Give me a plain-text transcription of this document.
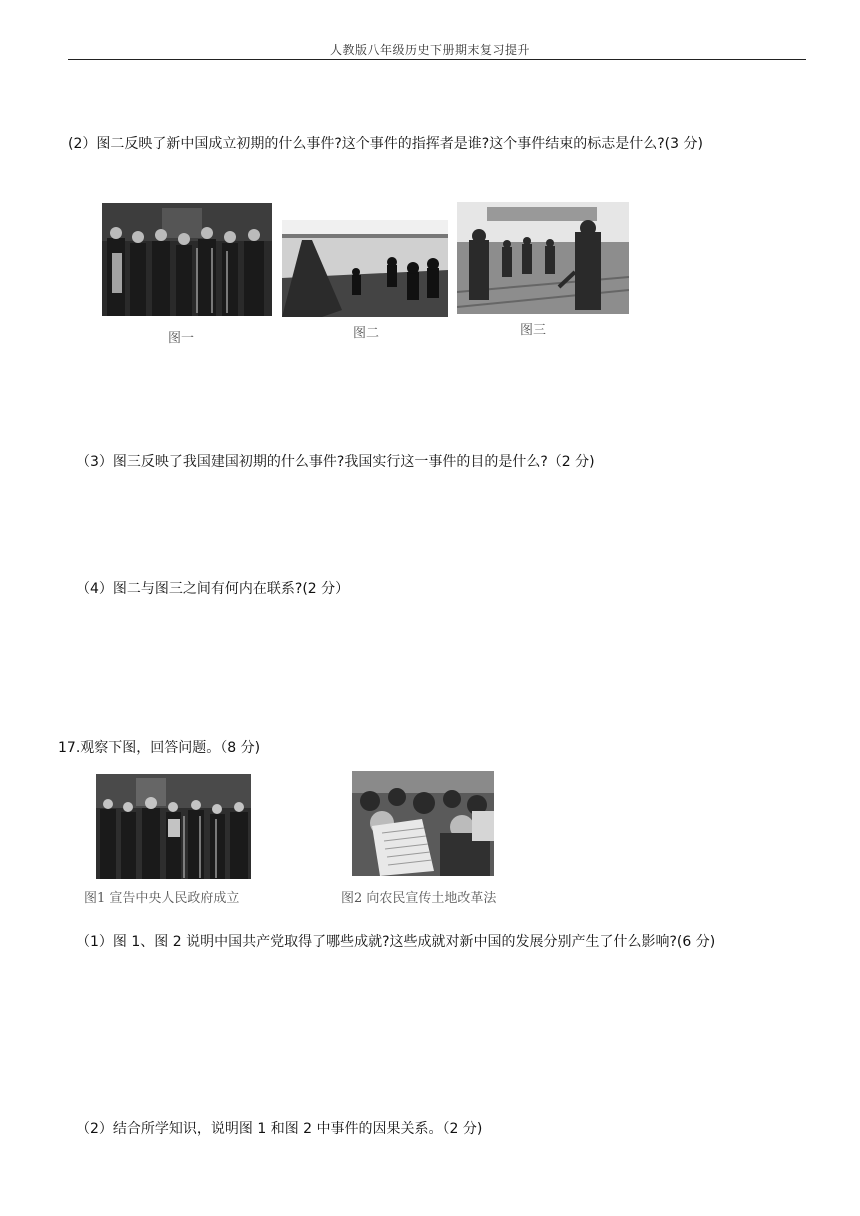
人教版八年级历史下册期末复习提升
(2）图二反映了新中国成立初期的什么事件?这个事件的指挥者是谁?这个事件结束的标志是什么?(3 分)
图一	图二	图三
（3）图三反映了我国建国初期的什么事件?我国实行这一事件的目的是什么?（2 分)
（4）图二与图三之间有何内在联系?(2 分）
17.观察下图，回答问题。（8 分)
图1 宣告中央人民政府成立	图2 向农民宣传土地改革法
（1）图 1、图 2 说明中国共产党取得了哪些成就?这些成就对新中国的发展分别产生了什么影响?(6 分)
（2）结合所学知识，说明图 1 和图 2 中事件的因果关系。（2 分)
